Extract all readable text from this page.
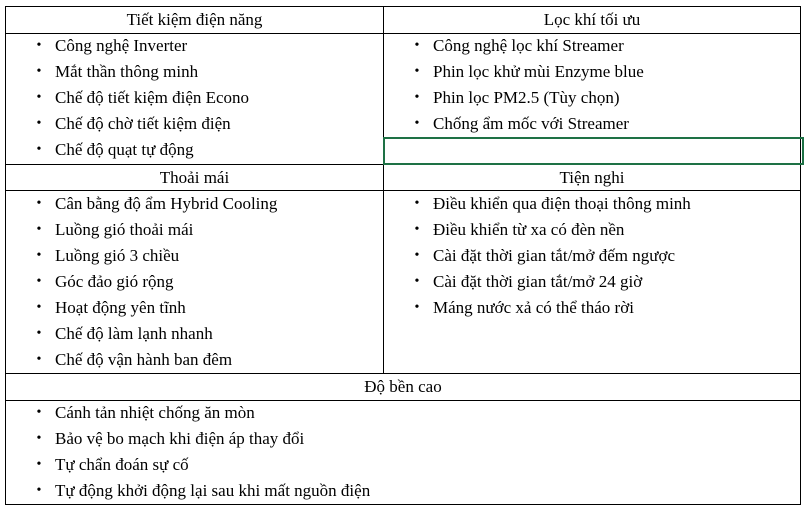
Tiết kiệm điện năng
• Công nghệ Inverter
• Mắt thần thông minh
• Chế độ tiết kiệm điện Econo
• Chế độ chờ tiết kiệm điện
• Chế độ quạt tự động
Lọc khí tối ưu
• Công nghệ lọc khí Streamer
• Phin lọc khử mùi Enzyme blue
• Phin lọc PM2.5 (Tùy chọn)
• Chống ẩm mốc với Streamer
Thoải mái
• Cân bằng độ ẩm Hybrid Cooling
• Luồng gió thoải mái
• Luồng gió 3 chiều
• Góc đảo gió rộng
• Hoạt động yên tĩnh
• Chế độ làm lạnh nhanh
• Chế độ vận hành ban đêm
Tiện nghi
• Điều khiển qua điện thoại thông minh
• Điều khiển từ xa có đèn nền
• Cài đặt thời gian tắt/mở đếm ngược
• Cài đặt thời gian tắt/mở 24 giờ
• Máng nước xả có thể tháo rời
Độ bền cao
• Cánh tản nhiệt chống ăn mòn
• Bảo vệ bo mạch khi điện áp thay đổi
• Tự chẩn đoán sự cố
• Tự động khởi động lại sau khi mất nguồn điện
